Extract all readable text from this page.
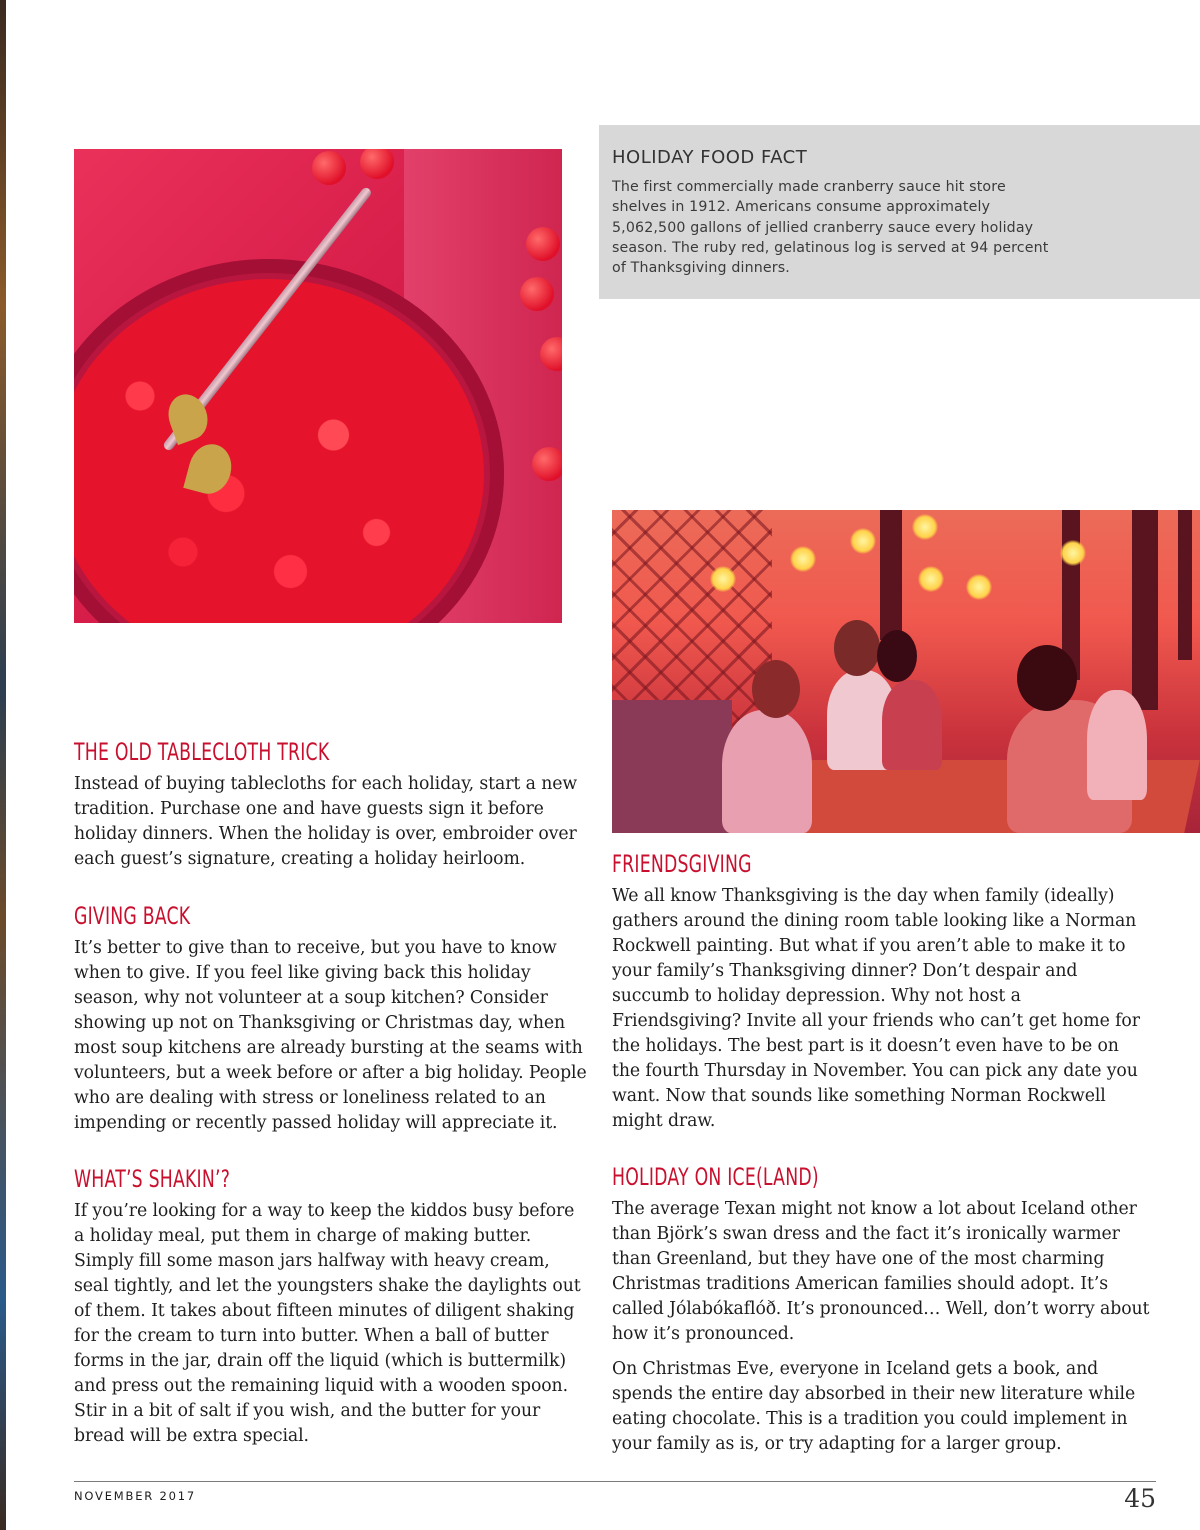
HOLIDAY FOOD FACT
The first commercially made cranberry sauce hit store shelves in 1912. Americans consume approximately 5,062,500 gallons of jellied cranberry sauce every holiday season. The ruby red, gelatinous log is served at 94 percent of Thanksgiving dinners.
THE OLD TABLECLOTH TRICK

Instead of buying tablecloths for each holiday, start a new tradition. Purchase one and have guests sign it before holiday dinners. When the holiday is over, embroider over each guest’s signature, creating a holiday heirloom.

GIVING BACK

It’s better to give than to receive, but you have to know when to give. If you feel like giving back this holiday season, why not volunteer at a soup kitchen? Consider showing up not on Thanksgiving or Christmas day, when most soup kitchens are already bursting at the seams with volunteers, but a week before or after a big holiday. People who are dealing with stress or loneliness related to an impending or recently passed holiday will appreciate it.

WHAT’S SHAKIN’?

If you’re looking for a way to keep the kiddos busy before a holiday meal, put them in charge of making butter. Simply fill some mason jars halfway with heavy cream, seal tightly, and let the youngsters shake the daylights out of them. It takes about fifteen minutes of diligent shaking for the cream to turn into butter. When a ball of butter forms in the jar, drain off the liquid (which is buttermilk) and press out the remaining liquid with a wooden spoon. Stir in a bit of salt if you wish, and the butter for your bread will be extra special.

FRIENDSGIVING

We all know Thanksgiving is the day when family (ideally) gathers around the dining room table looking like a Norman Rockwell painting. But what if you aren’t able to make it to your family’s Thanksgiving dinner? Don’t despair and succumb to holiday depression. Why not host a Friendsgiving? Invite all your friends who can’t get home for the holidays. The best part is it doesn’t even have to be on the fourth Thursday in November. You can pick any date you want. Now that sounds like something Norman Rockwell might draw.

HOLIDAY ON ICE(LAND)

The average Texan might not know a lot about Iceland other than Björk’s swan dress and the fact it’s ironically warmer than Greenland, but they have one of the most charming Christmas traditions American families should adopt. It’s called Jólabókaflóð. It’s pronounced… Well, don’t worry about how it’s pronounced.

On Christmas Eve, everyone in Iceland gets a book, and spends the entire day absorbed in their new literature while eating chocolate. This is a tradition you could implement in your family as is, or try adapting for a larger group.

NOVEMBER 2017	45
